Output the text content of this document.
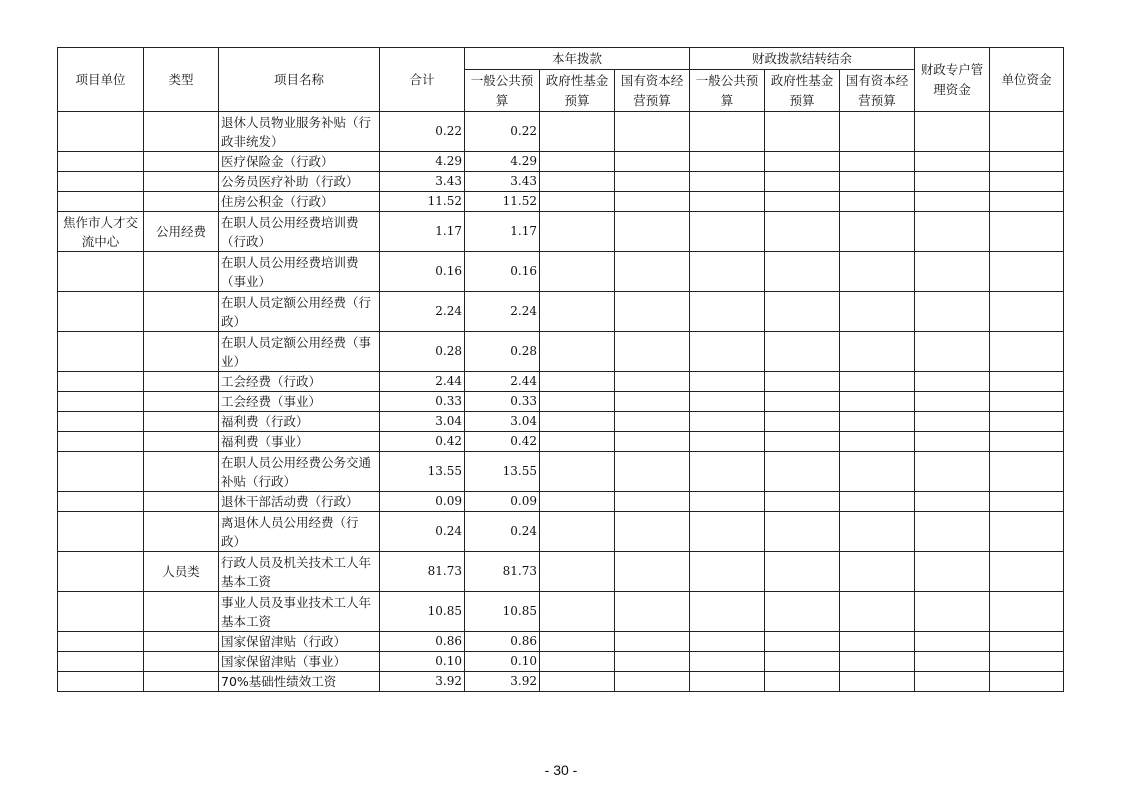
项目单位	类型	项目名称	合计	本年拨款			财政拨款结转结余			财政专户管理资金	单位资金
				一般公共预算	政府性基金预算	国有资本经营预算	一般公共预算	政府性基金预算	国有资本经营预算		
		退休人员物业服务补贴（行政非统发）	0.22	0.22							
		医疗保险金（行政）	4.29	4.29							
		公务员医疗补助（行政）	3.43	3.43							
		住房公积金（行政）	11.52	11.52							
焦作市人才交流中心	公用经费	在职人员公用经费培训费（行政）	1.17	1.17							
		在职人员公用经费培训费（事业）	0.16	0.16							
		在职人员定额公用经费（行政）	2.24	2.24							
		在职人员定额公用经费（事业）	0.28	0.28							
		工会经费（行政）	2.44	2.44							
		工会经费（事业）	0.33	0.33							
		福利费（行政）	3.04	3.04							
		福利费（事业）	0.42	0.42							
		在职人员公用经费公务交通补贴（行政）	13.55	13.55							
		退休干部活动费（行政）	0.09	0.09							
		离退休人员公用经费（行政）	0.24	0.24							
	人员类	行政人员及机关技术工人年基本工资	81.73	81.73							
		事业人员及事业技术工人年基本工资	10.85	10.85							
		国家保留津贴（行政）	0.86	0.86							
		国家保留津贴（事业）	0.10	0.10							
		70%基础性绩效工资	3.92	3.92							
- 30 -
